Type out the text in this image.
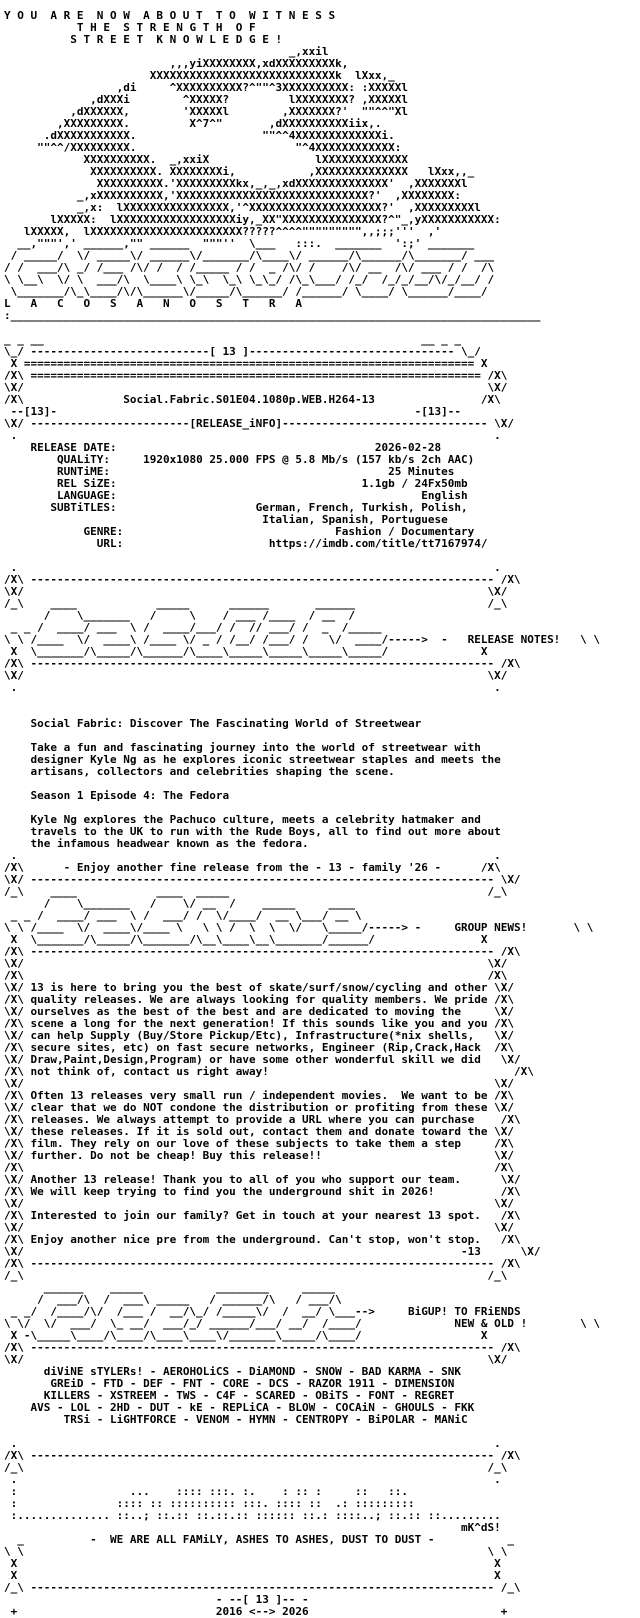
Y O U  A R E  N O W  A B O U T  T O  W I T N E S S
T H E  S T R E N G T H  O F
S T R E E T  K N O W L E D G E !
_,xxil
,,,yiXXXXXXXX,xdXXXXXXXXXk,
XXXXXXXXXXXXXXXXXXXXXXXXXXXXk  lXxx,_
,di     ^XXXXXXXXXX?^""^3XXXXXXXXXX: :XXXXXl
,dXXXi        ^XXXXX?         lXXXXXXXX? ,XXXXXl
,dXXXXXX,        'XXXXXl        ,XXXXXXX?'  ""^^"Xl
,XXXXXXXXX.         X^7^"       ,dXXXXXXXXXXiix,.
.dXXXXXXXXXXX.                   ""^^4XXXXXXXXXXXXXi.
""^^/XXXXXXXXX.                        "^4XXXXXXXXXXXX:
XXXXXXXXXX.  _,xxiX                lXXXXXXXXXXXXX
XXXXXXXXXX. XXXXXXXXi,           ,XXXXXXXXXXXXXX   lXxx,,_
XXXXXXXXXX.'XXXXXXXXXkx,_,_,xdXXXXXXXXXXXXXX'  ,XXXXXXXl
_,xXXXXXXXXXX,'XXXXXXXXXXXXXXXXXXXXXXXXXXXXX?'  ,XXXXXXXX:
_,x:  lXXXXXXXXXXXXXXXX,'^XXXXXXXXXXXXXXXXXXXX?'  ,XXXXXXXXXl
lXXXXX:  lXXXXXXXXXXXXXXXXXXiy,_XX"XXXXXXXXXXXXXXX?^"_,yXXXXXXXXXXX:
lXXXXX,  lXXXXXXXXXXXXXXXXXXXXXXX?????^^^^""""""""",,;;;'''  ,'
__,"""',' ______,"" ______  """''  \___   :::.  _______  ':;' _______
/ _____/  \/ _____\/ ______\/_______/\____\/ ______/\______/\_______/ ___
/ /  ___/\ _/ /___ /\/ /  / /_____ / /  _ /\/ /    /\/ __  /\/ ___ / /  /\
\ \__\  \/ \  ___/\  \____\ \_\  \_\ \_\_/ /\_\___/ /_/  /_/_/__/\/_/__/ /
\_______/\_\____/\/\______\/_____/\______/ /______/ \____/ \______/____/
L   A   C   O   S   A   N   O   S   T   R   A
:________________________________________________________________________________

_ _ __                                                         __ _ _
\_/ ---------------------------[ 13 ]------------------------------- \_/
X ==================================================================== X
/X\ ==================================================================== /X\
\X/                                                                      \X/
/X\               Social.Fabric.S01E04.1080p.WEB.H264-13                /X\
--[13]-	-[13]--
\X/ ------------------------[RELEASE_iNFO]------------------------------- \X/
.                                                                        .
RELEASE DATE:	2026-02-28
QUALiTY:	1920x1080 25.000 FPS @ 5.8 Mb/s (157 kb/s 2ch AAC)
RUNTiME:	25 Minutes
REL SiZE:	1.1gb / 24Fx50mb
LANGUAGE:	English
SUBTiTLES:	German, French, Turkish, Polish,
Italian, Spanish, Portuguese
GENRE:	Fashion / Documentary
URL:	https://imdb.com/title/tt7167974/

.                                                                        .
/X\ ---------------------------------------------------------------------- /X\
\X/                                                                      \X/
/_\    ____            _____      ______       ______                    /_\
/    \_______   /     \    / ___ /____  / __  /
_ _ /  ____/ ___  \ /  ____/___/ /  // ___/ /  _  /_____
\ \ /____  \/  ____\ /____ \/ _ / /__/ /___/ /   \/  ____/----->  -   RELEASE NOTES!   \ \
X  \_______/\_____/\______/\____\_____\_____\_____\_____/              X
/X\ ---------------------------------------------------------------------- /X\
\X/                                                                      \X/
.                                                                        .

Social Fabric: Discover The Fascinating World of Streetwear

Take a fun and fascinating journey into the world of streetwear with
designer Kyle Ng as he explores iconic streetwear staples and meets the
artisans, collectors and celebrities shaping the scene.

Season 1 Episode 4: The Fedora

Kyle Ng explores the Pachuco culture, meets a celebrity hatmaker and
travels to the UK to run with the Rude Boys, all to find out more about
the infamous headwear known as the fedora.
.                                                                        .
/X\      - Enjoy another fine release from the - 13 - family '26 -      /X\
\X/ ---------------------------------------------------------------------- \X/
/_\    ____            ____  _____                                       /_\
/    \_______   /    \/ __  /    _____     ____
_ _ /  ____/ ___  \ /  ___/ /  \/____/  __ \___/ __ \
\ \ /____  \/  ____\/____ \   \ \ /  \  \  \/   \_____/-----> -     GROUP NEWS!       \ \
X  \_______/\_____/\_______/\__\____\__\_______/______/                X
/X\ ---------------------------------------------------------------------- /X\
\X/                                                                      \X/
/X\                                                                      /X\
\X/ 13 is here to bring you the best of skate/surf/snow/cycling and other \X/
/X\ quality releases. We are always looking for quality members. We pride /X\
\X/ ourselves as the best of the best and are dedicated to moving the     \X/
/X\ scene a long for the next generation! If this sounds like you and you /X\
\X/ can help Supply (Buy/Store Pickup/Etc), Infrastructure(*nix shells,   \X/
/X\ secure sites, etc) on fast secure networks, Engineer (Rip,Crack,Hack  /X\
\X/ Draw,Paint,Design,Program) or have some other wonderful skill we did   \X/
/X\ not think of, contact us right away!                                     /X\
\X/                                                                       \X/
/X\ Often 13 releases very small run / independent movies.  We want to be /X\
\X/ clear that we do NOT condone the distribution or profiting from these \X/
/X\ releases. We always attempt to provide a URL where you can purchase    /X\
\X/ these releases. If it is sold out, contact them and donate toward the \X/
/X\ film. They rely on our love of these subjects to take them a step     /X\
\X/ further. Do not be cheap! Buy this release!!                          \X/
/X\                                                                       /X\
\X/ Another 13 release! Thank you to all of you who support our team.      \X/
/X\ We will keep trying to find you the underground shit in 2026!          /X\
\X/                                                                       \X/
/X\ Interested to join our family? Get in touch at your nearest 13 spot.   /X\
\X/                                                                       \X/
/X\ Enjoy another nice pre from the underground. Can't stop, won't stop.   /X\
\X/                                                                  -13      \X/
/X\ ---------------------------------------------------------------------- /X\
/_\                                                                      /_\
______    _____           ________     _____
/  ___/\  /  ___\ _____   / ______/\   / ___/\
_ _/  /____/\/  /___ /  __/\_/ /_____\/  /  __/ \___-->     BiGUP! TO FRiENDS
\ \/  \/  ___/  \_ __/  ___/_/ ______/___/ __/  /____/              NEW & OLD !        \ \
X -\_____\____/\____/\____\____\/_______\_____/\____/                  X
/X\ ---------------------------------------------------------------------- /X\
\X/                                                                      \X/
diViNE sTYLERs! - AEROHOLiCS - DiAMOND - SNOW - BAD KARMA - SNK
GREiD - FTD - DEF - FNT - CORE - DCS - RAZOR 1911 - DIMENSION
KILLERS - XSTREEM - TWS - C4F - SCARED - OBiTS - FONT - REGRET
AVS - LOL - 2HD - DUT - kE - REPLiCA - BLOW - COCAiN - GHOULS - FKK
TRSi - LiGHTFORCE - VENOM - HYMN - CENTROPY - BiPOLAR - MANiC

.                                                                        .
/X\ ---------------------------------------------------------------------- /X\
/_\                                                                      /_\
.                                                                        .
:                 ...    :::: :::. :.    : :: :     ::   ::.
:               :::: :: :::::::::: :::. :::: ::  .: :::::::::
:.............. ::..; ::.:: ::.::.:: :::::: ::.: ::::..; ::.:: ::.........
mK^dS!
_          -  WE ARE ALL FAMiLY, ASHES TO ASHES, DUST TO DUST -           _
\ \                                                                      \ \
X                                                                        X
X                                                                        X
/_\ ---------------------------------------------------------------------- /_\
- --[ 13 ]-- -
+                              2016 <--> 2026                             +
